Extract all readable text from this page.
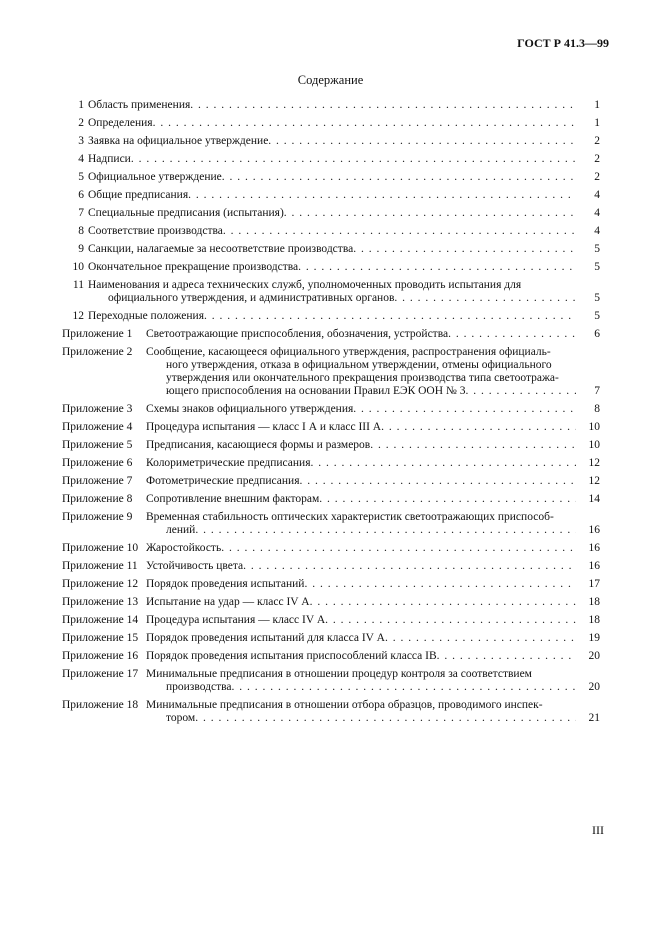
ГОСТ Р 41.3—99
Содержание
1 Область применения . . .	1
2 Определения . . .	1
3 Заявка на официальное утверждение . . .	2
4 Надписи . . .	2
5 Официальное утверждение . . .	2
6 Общие предписания . . .	4
7 Специальные предписания (испытания) . . .	4
8 Соответствие производства . . .	4
9 Санкции, налагаемые за несоответствие производства . . .	5
10 Окончательное прекращение производства . . .	5
11 Наименования и адреса технических служб, уполномоченных проводить испытания для
официального утверждения, и административных органов . . .	5
12 Переходные положения . . .	5
Приложение 1	Светоотражающие приспособления, обозначения, устройства . . .	6
Приложение 2	Сообщение, касающееся официального утверждения, распространения официаль-
ного утверждения, отказа в официальном утверждении, отмены официального
утверждения или окончательного прекращения производства типа светоотража-
ющего приспособления на основании Правил ЕЭК ООН № 3 . . .	7
Приложение 3	Схемы знаков официального утверждения . . .	8
Приложение 4	Процедура испытания — класс I А и класс III А . . .	10
Приложение 5	Предписания, касающиеся формы и размеров . . .	10
Приложение 6	Колориметрические предписания . . .	12
Приложение 7	Фотометрические предписания . . .	12
Приложение 8	Сопротивление внешним факторам . . .	14
Приложение 9	Временная стабильность оптических характеристик светоотражающих приспособ-
лений . . .	16
Приложение 10 Жаростойкость . . .	16
Приложение 11 Устойчивость цвета . . .	16
Приложение 12 Порядок проведения испытаний . . .	17
Приложение 13 Испытание на удар — класс IV А . . .	18
Приложение 14 Процедура испытания — класс IV А . . .	18
Приложение 15 Порядок проведения испытаний для класса IV А . . .	19
Приложение 16 Порядок проведения испытания приспособлений класса IB . . .	20
Приложение 17 Минимальные предписания в отношении процедур контроля за соответствием
производства . . .	20
Приложение 18 Минимальные предписания в отношении отбора образцов, проводимого инспек-
тором . . .	21
III
